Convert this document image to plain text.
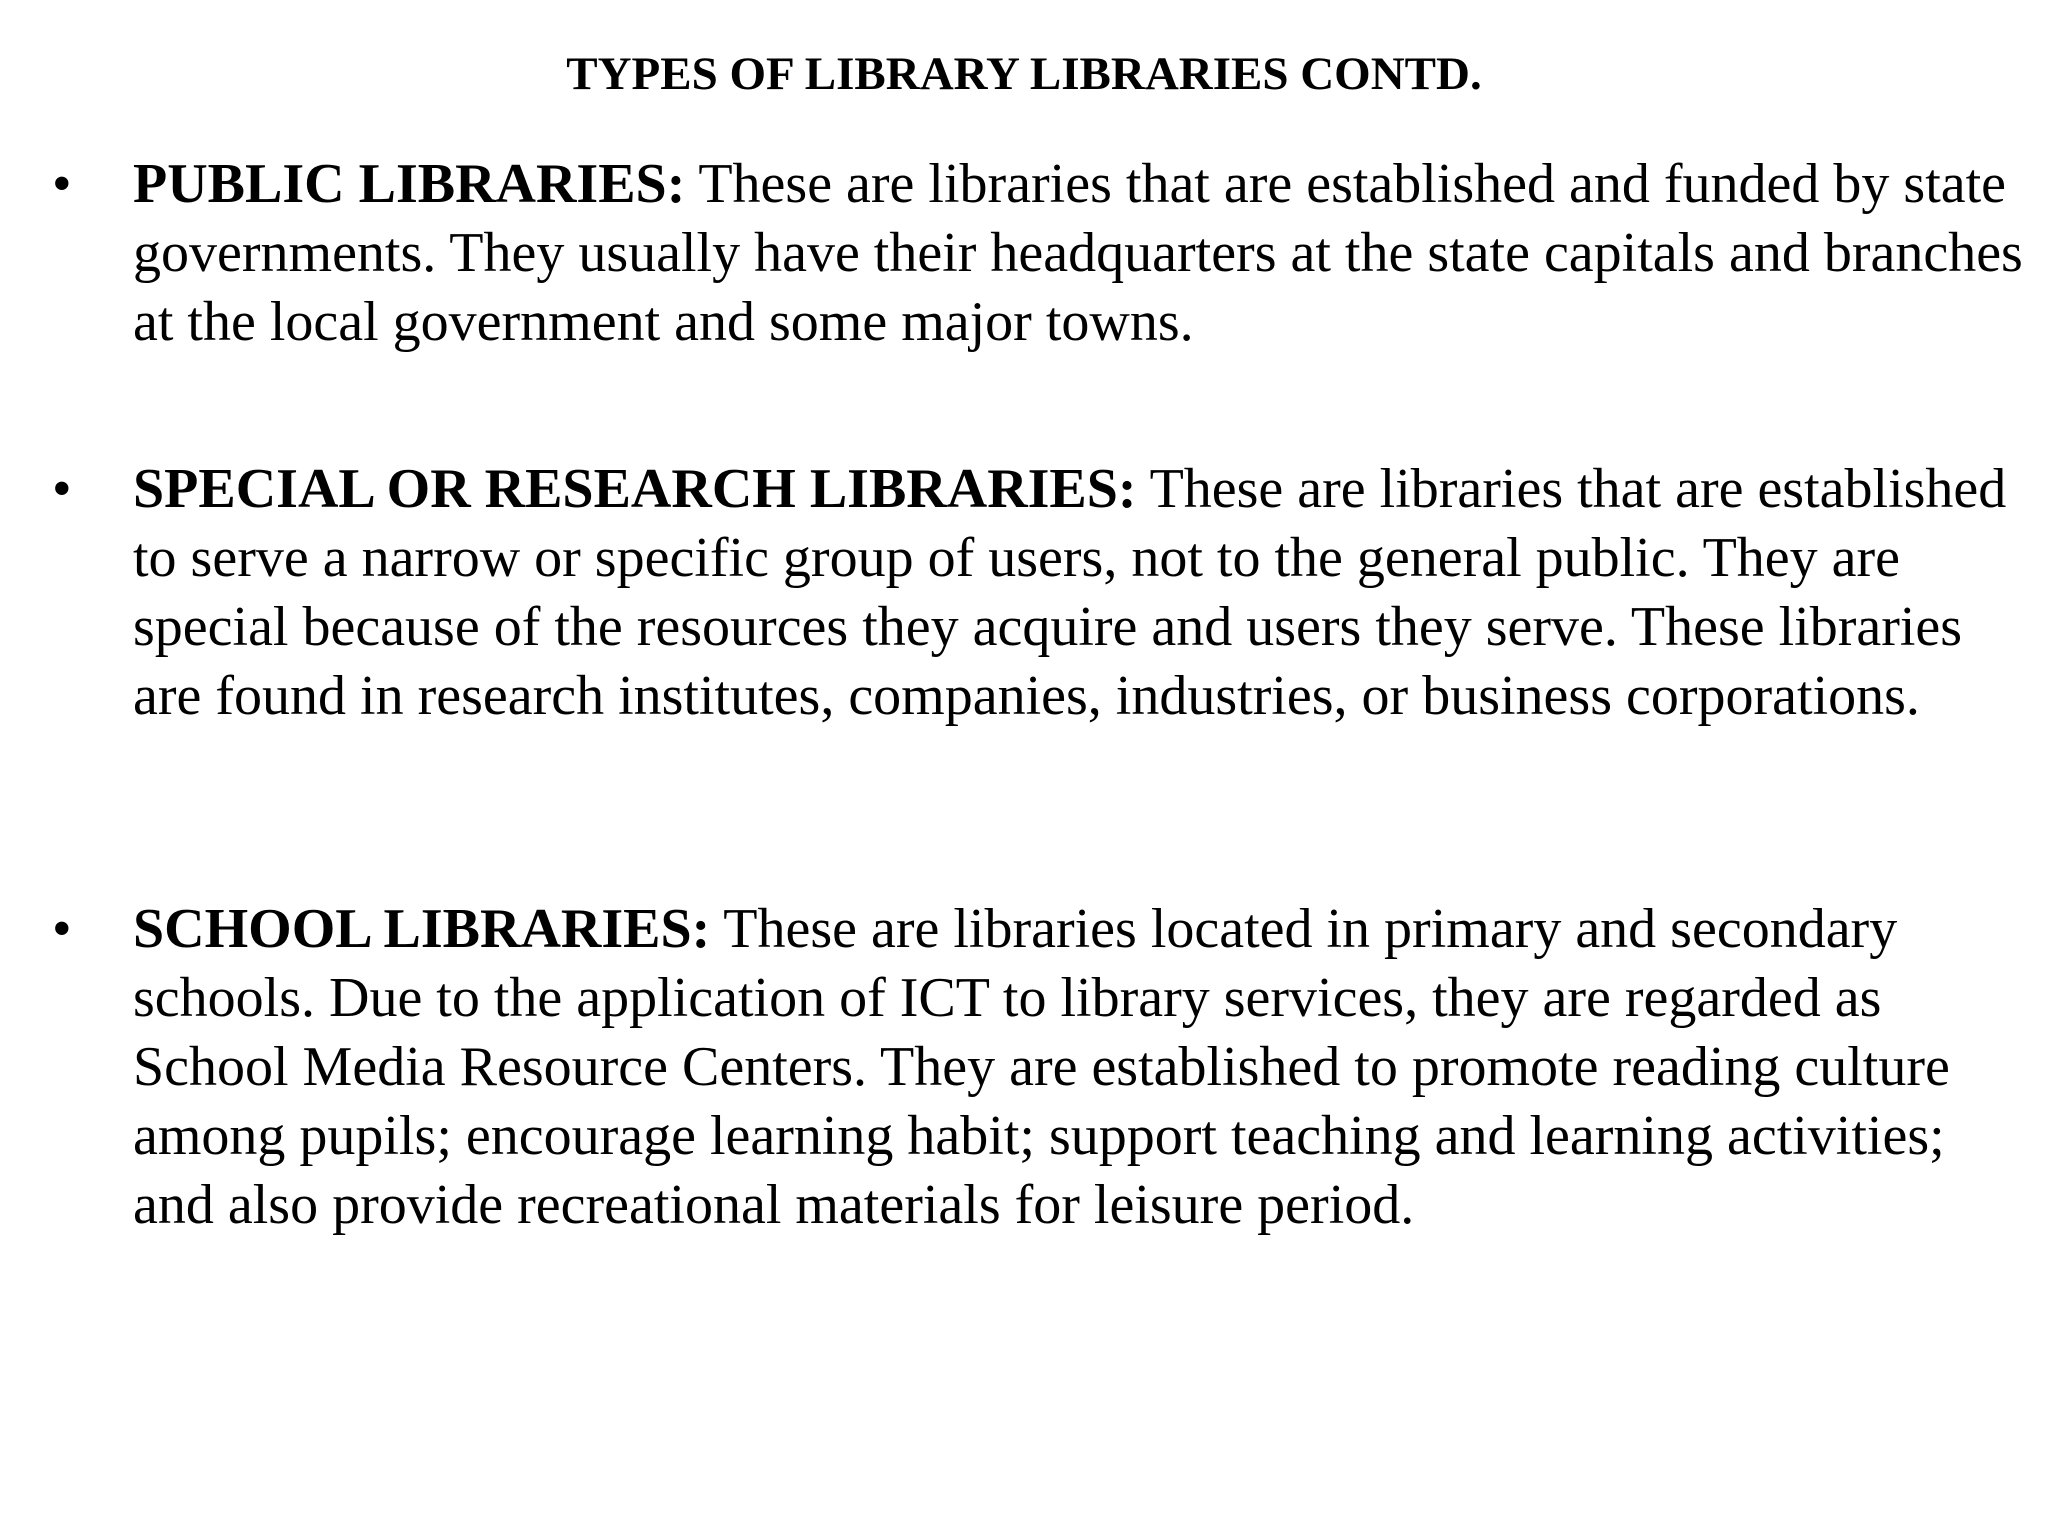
TYPES OF LIBRARY LIBRARIES CONTD.
• PUBLIC LIBRARIES: These are libraries that are established and funded by state governments. They usually have their headquarters at the state capitals and branches at the local government and some major towns.

• SPECIAL OR RESEARCH LIBRARIES: These are libraries that are established to serve a narrow or specific group of users, not to the general public. They are special because of the resources they acquire and users they serve. These libraries are found in research institutes, companies, industries, or business corporations.

• SCHOOL LIBRARIES: These are libraries located in primary and secondary schools. Due to the application of ICT to library services, they are regarded as School Media Resource Centers. They are established to promote reading culture among pupils; encourage learning habit; support teaching and learning activities; and also provide recreational materials for leisure period.
